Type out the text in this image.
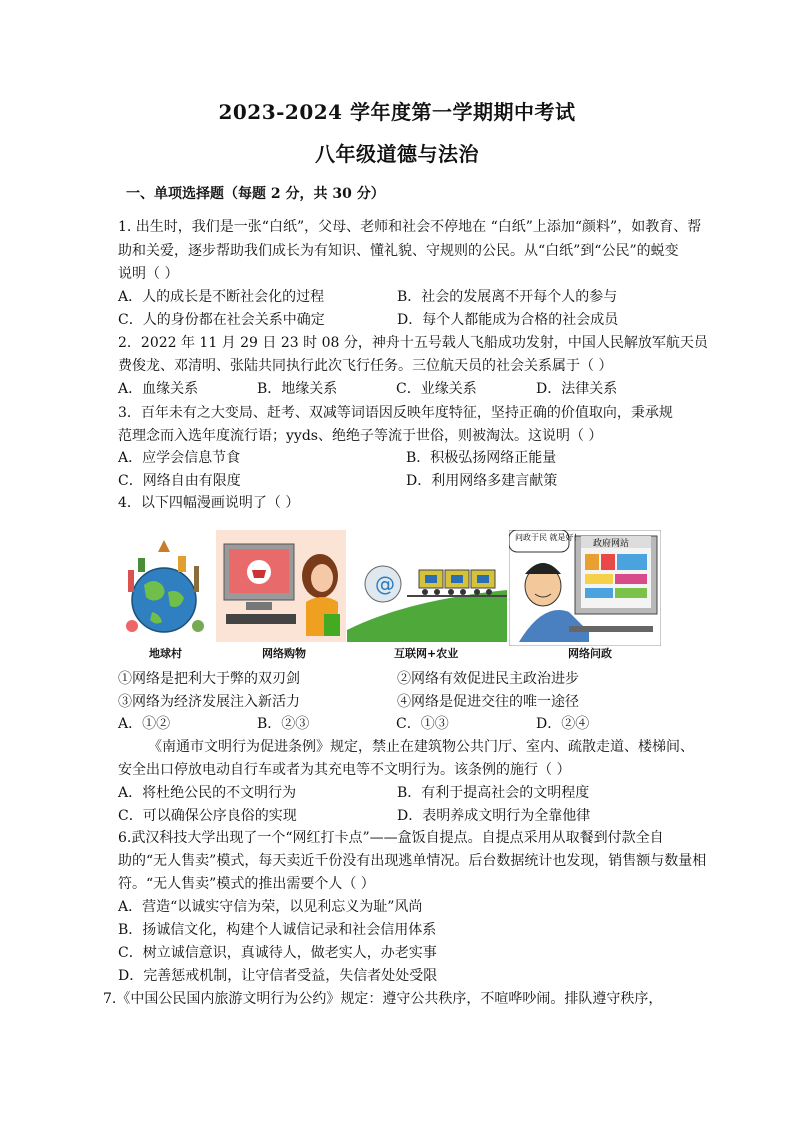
2023-2024 学年度第一学期期中考试
八年级道德与法治
一、单项选择题（每题 2 分，共 30 分）
1. 出生时，我们是一张“白纸”，父母、老师和社会不停地在 “白纸”上添加“颜料”，如教育、帮
助和关爱，逐步帮助我们成长为有知识、懂礼貌、守规则的公民。从“白纸”到“公民”的蜕变
说明（ ）
A．人的成长是不断社会化的过程	B．社会的发展离不开每个人的参与
C．人的身份都在社会关系中确定	D．每个人都能成为合格的社会成员
2．2022 年 11 月 29 日 23 时 08 分，神舟十五号载人飞船成功发射，中国人民解放军航天员
费俊龙、邓清明、张陆共同执行此次飞行任务。三位航天员的社会关系属于（ ）
A．血缘关系	B．地缘关系	C．业缘关系	D．法律关系
3．百年未有之大变局、赶考、双减等词语因反映年度特征，坚持正确的价值取向，秉承规
范理念而入选年度流行语；yyds、绝绝子等流于世俗，则被淘汰。这说明（ ）
A．应学会信息节食	B．积极弘扬网络正能量
C．网络自由有限度	D．利用网络多建言献策
4．以下四幅漫画说明了（ ）
@
政府网站
问政于民 就是好！
地球村	网络购物	互联网+农业	网络问政
①网络是把利大于弊的双刃剑	②网络有效促进民主政治进步
③网络为经济发展注入新活力	④网络是促进交往的唯一途径
A．①②	B．②③	C．①③	D．②④
《南通市文明行为促进条例》规定，禁止在建筑物公共门厅、室内、疏散走道、楼梯间、
安全出口停放电动自行车或者为其充电等不文明行为。该条例的施行（ ）
A．将杜绝公民的不文明行为	B．有利于提高社会的文明程度
C．可以确保公序良俗的实现	D．表明养成文明行为全靠他律
6.武汉科技大学出现了一个“网红打卡点”——盒饭自提点。自提点采用从取餐到付款全自
助的“无人售卖”模式，每天卖近千份没有出现逃单情况。后台数据统计也发现，销售额与数量相
符。“无人售卖”模式的推出需要个人（ ）
A．营造“以诚实守信为荣，以见利忘义为耻”风尚
B．扬诚信文化，构建个人诚信记录和社会信用体系
C．树立诚信意识，真诚待人，做老实人，办老实事
D．完善惩戒机制，让守信者受益，失信者处处受限
7.《中国公民国内旅游文明行为公约》规定：遵守公共秩序，不喧哗吵闹。排队遵守秩序，
